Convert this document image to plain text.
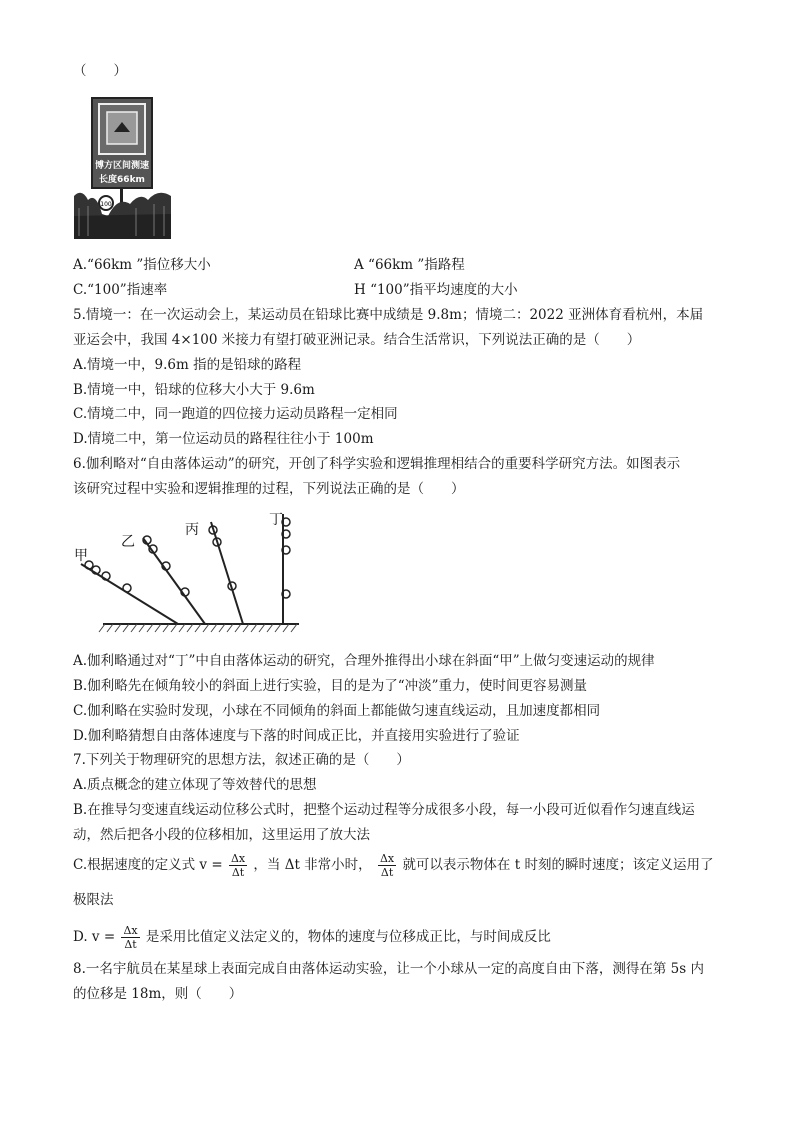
（　　）
博方区间测速
长度66km
100
A.“66km ”指位移大小	A “66km ”指路程
C.“100”指速率	H “100”指平均速度的大小
5.情境一：在一次运动会上，某运动员在铅球比赛中成绩是 9.8m；情境二：2022 亚洲体育看杭州，本届
亚运会中，我国 4×100 米接力有望打破亚洲记录。结合生活常识，下列说法正确的是（　　）
A.情境一中，9.6m 指的是铅球的路程
B.情境一中，铅球的位移大小大于 9.6m
C.情境二中，同一跑道的四位接力运动员路程一定相同
D.情境二中，第一位运动员的路程往往小于 100m
6.伽利略对“自由落体运动”的研究，开创了科学实验和逻辑推理相结合的重要科学研究方法。如图表示
该研究过程中实验和逻辑推理的过程，下列说法正确的是（　　）
甲
乙
丙
丁
A.伽利略通过对“丁”中自由落体运动的研究，合理外推得出小球在斜面“甲”上做匀变速运动的规律
B.伽利略先在倾角较小的斜面上进行实验，目的是为了“冲淡”重力，使时间更容易测量
C.伽利略在实验时发现，小球在不同倾角的斜面上都能做匀速直线运动，且加速度都相同
D.伽利略猜想自由落体速度与下落的时间成正比，并直接用实验进行了验证
7.下列关于物理研究的思想方法，叙述正确的是（　　）
A.质点概念的建立体现了等效替代的思想
B.在推导匀变速直线运动位移公式时，把整个运动过程等分成很多小段，每一小段可近似看作匀速直线运
动，然后把各小段的位移相加，这里运用了放大法
C.根据速度的定义式 $v = \frac{\Delta x}{\Delta t}$ ，当 Δt 非常小时， $\frac{\Delta x}{\Delta t}$ 就可以表示物体在 t 时刻的瞬时速度；该定义运用了
极限法
D. $v = \frac{\Delta x}{\Delta t}$ 是采用比值定义法定义的，物体的速度与位移成正比，与时间成反比
8.一名宇航员在某星球上表面完成自由落体运动实验，让一个小球从一定的高度自由下落，测得在第 5s 内
的位移是 18m，则（　　）
